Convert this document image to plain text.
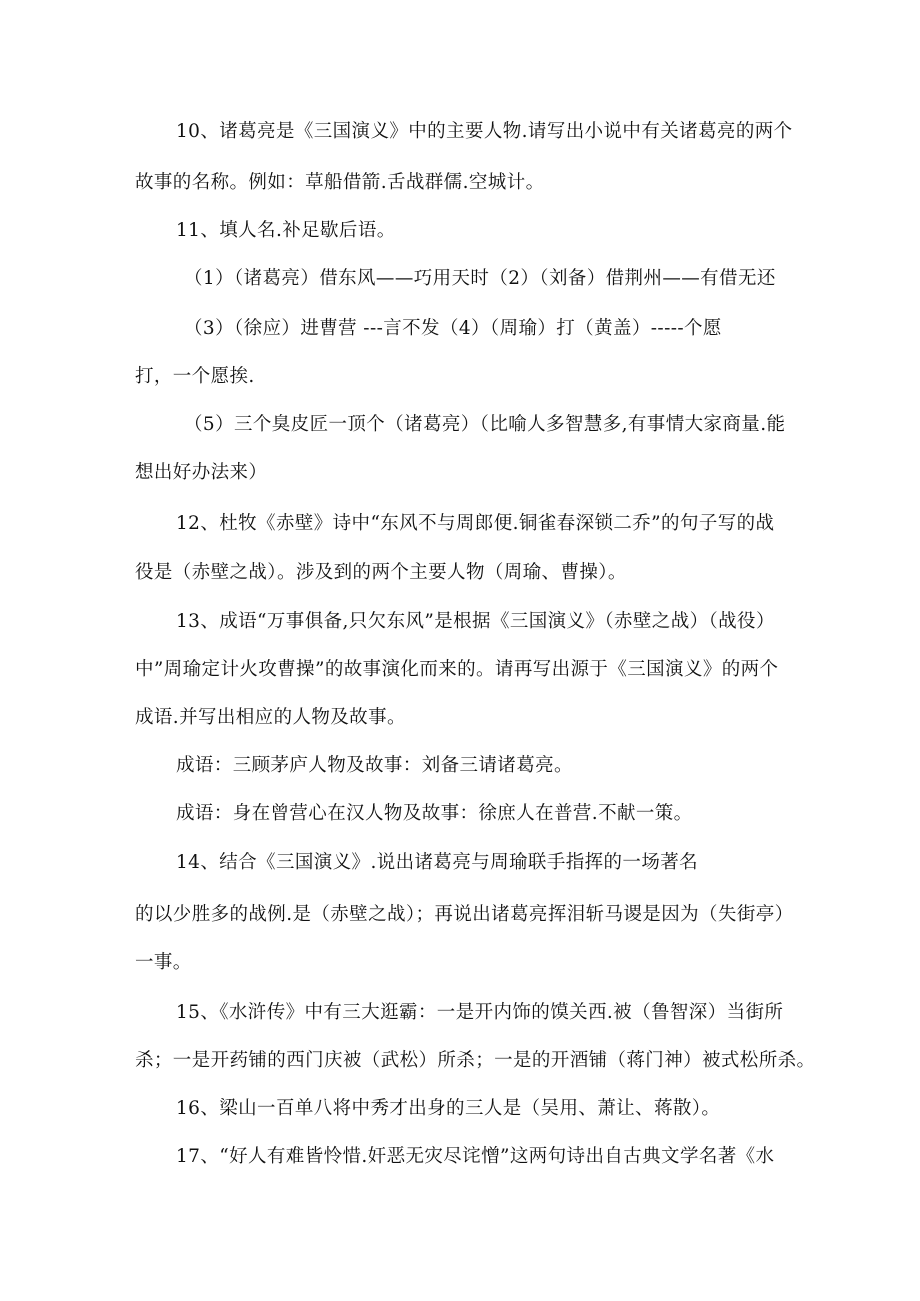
10、诸葛亮是《三国演义》中的主要人物.请写出小说中有关诸葛亮的两个
故事的名称。例如：草船借箭.舌战群儒.空城计。
11、填人名.补足歇后语。
（1）（诸葛亮）借东风——巧用天时（2）（刘备）借荆州——有借无还
（3）（徐应）进曹营 ---言不发（4）（周瑜）打（黄盖）-----个愿
打，一个愿挨.
（5）三个臭皮匠一顶个（诸葛亮）（比喻人多智慧多,有事情大家商量.能
想出好办法来）
12、杜牧《赤壁》诗中“东风不与周郎便.铜雀春深锁二乔”的句子写的战
役是（赤壁之战）。涉及到的两个主要人物（周瑜、曹操）。
13、成语“万事俱备,只欠东风”是根据《三国演义》（赤壁之战）（战役）
中”周瑜定计火攻曹操”的故事演化而来的。请再写出源于《三国演义》的两个
成语.并写出相应的人物及故事。
成语：三顾茅庐人物及故事：刘备三请诸葛亮。
成语：身在曾营心在汉人物及故事：徐庶人在普营.不献一策。
14、结合《三国演义》.说出诸葛亮与周瑜联手指挥的一场著名
的以少胜多的战例.是（赤壁之战）；再说出诸葛亮挥泪斩马谡是因为（失街亭）
一事。
15、《水浒传》中有三大逛霸：一是开内饰的馍关西.被（鲁智深）当街所
杀；一是开药铺的西门庆被（武松）所杀；一是的开酒铺（蒋门神）被式松所杀。
16、梁山一百单八将中秀才出身的三人是（吴用、萧让、蒋散）。
17、“好人有难皆怜惜.奸恶无灾尽诧憎”这两句诗出自古典文学名著《水
